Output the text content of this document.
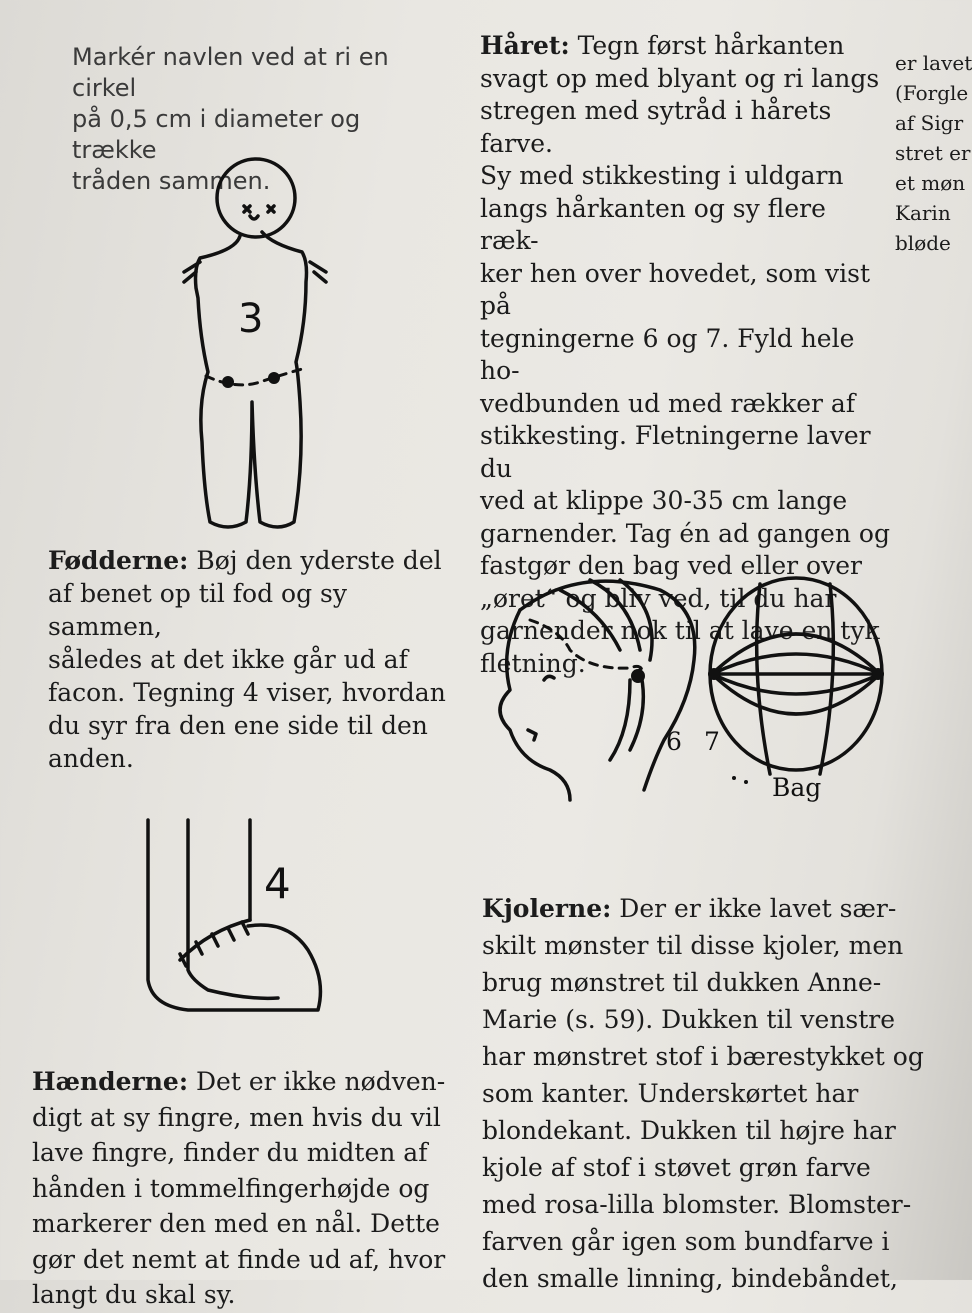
Markér navlen ved at ri en cirkel
på 0,5 cm i diameter og trække
tråden sammen.

Håret: Tegn først hårkanten
svagt op med blyant og ri langs
stregen med sytråd i hårets farve.
Sy med stikkesting i uldgarn
langs hårkanten og sy flere ræk-
ker hen over hovedet, som vist på
tegningerne 6 og 7. Fyld hele ho-
vedbunden ud med rækker af
stikkesting. Fletningerne laver du
ved at klippe 30-35 cm lange
garnender. Tag én ad gangen og
fastgør den bag ved eller over
„øret“ og bliv ved, til du har
garnender nok til at lave en tyk
fletning.

er lavet
(Forgle
af Sigr
stret er
et møn
Karin
bløde
3

Fødderne: Bøj den yderste del
af benet op til fod og sy sammen,
således at det ikke går ud af
facon. Tegning 4 viser, hvordan
du syr fra den ene side til den
anden.

6 7
Bag
4

Kjolerne: Der er ikke lavet sær-
skilt mønster til disse kjoler, men
brug mønstret til dukken Anne-
Marie (s. 59). Dukken til venstre
har mønstret stof i bærestykket og
som kanter. Underskørtet har
blondekant. Dukken til højre har
kjole af stof i støvet grøn farve
med rosa-lilla blomster. Blomster-
farven går igen som bundfarve i
den smalle linning, bindebåndet,

Hænderne: Det er ikke nødven-
digt at sy fingre, men hvis du vil
lave fingre, finder du midten af
hånden i tommelfingerhøjde og
markerer den med en nål. Dette
gør det nemt at finde ud af, hvor
langt du skal sy.
